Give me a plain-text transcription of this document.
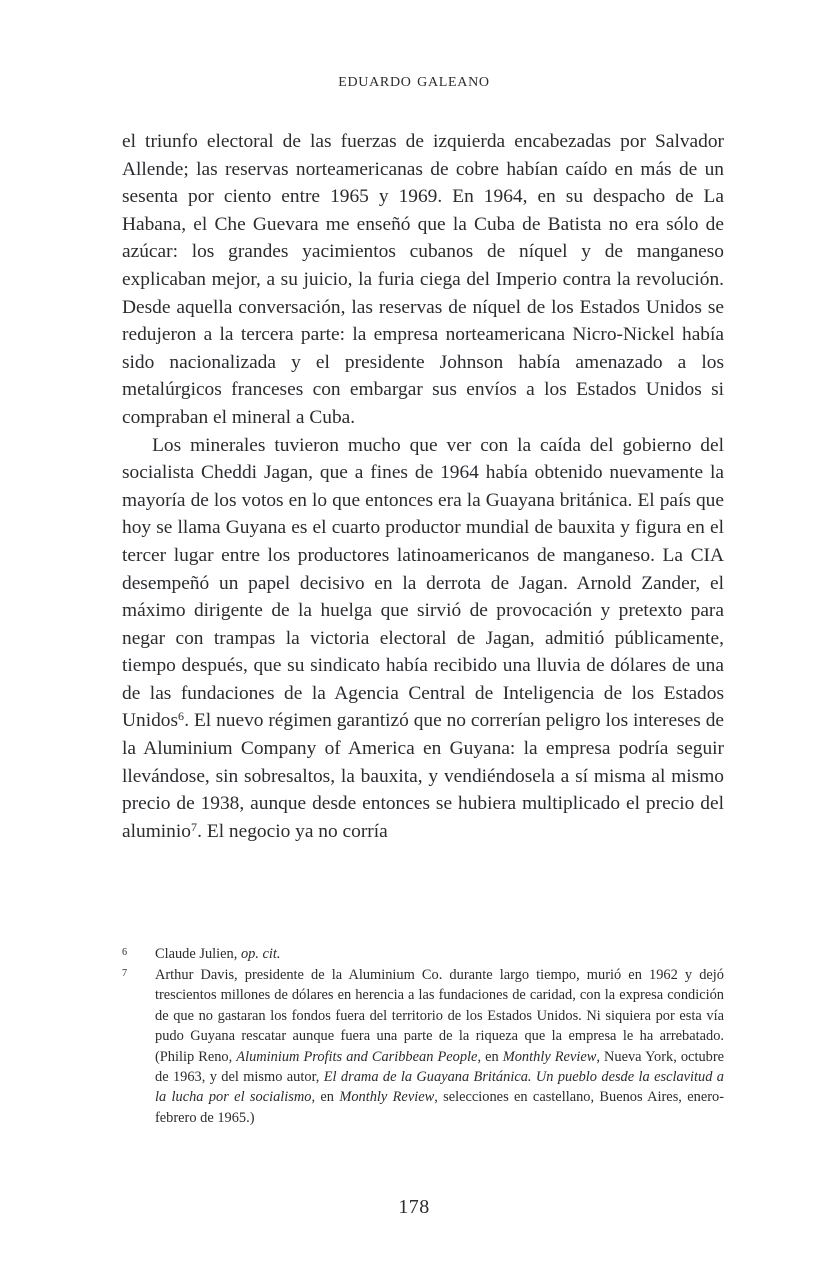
eduardo galeano

el triunfo electoral de las fuerzas de izquierda encabezadas por Salvador Allende; las reservas norteamericanas de cobre habían caído en más de un sesenta por ciento entre 1965 y 1969. En 1964, en su despacho de La Habana, el Che Guevara me enseñó que la Cuba de Batista no era sólo de azúcar: los grandes yacimientos cubanos de níquel y de manganeso explicaban mejor, a su juicio, la furia ciega del Imperio contra la revolución. Desde aquella conversación, las reservas de níquel de los Estados Unidos se redujeron a la tercera parte: la empresa norteamericana Nicro-Nickel había sido nacionalizada y el presidente Johnson había amenazado a los metalúrgicos franceses con embargar sus envíos a los Estados Unidos si compraban el mineral a Cuba.

Los minerales tuvieron mucho que ver con la caída del gobierno del socialista Cheddi Jagan, que a fines de 1964 había obtenido nuevamente la mayoría de los votos en lo que entonces era la Guayana británica. El país que hoy se llama Guyana es el cuarto productor mundial de bauxita y figura en el tercer lugar entre los productores latinoamericanos de manganeso. La CIA desempeñó un papel decisivo en la derrota de Jagan. Arnold Zander, el máximo dirigente de la huelga que sirvió de provocación y pretexto para negar con trampas la victoria electoral de Jagan, admitió públicamente, tiempo después, que su sindicato había recibido una lluvia de dólares de una de las fundaciones de la Agencia Central de Inteligencia de los Estados Unidos$^6$. El nuevo régimen garantizó que no correrían peligro los intereses de la Aluminium Company of America en Guyana: la empresa podría seguir llevándose, sin sobresaltos, la bauxita, y vendiéndosela a sí misma al mismo precio de 1938, aunque desde entonces se hubiera multiplicado el precio del aluminio$^7$. El negocio ya no corría

6	Claude Julien, op. cit.
7	Arthur Davis, presidente de la Aluminium Co. durante largo tiempo, murió en 1962 y dejó trescientos millones de dólares en herencia a las fundaciones de caridad, con la expresa condición de que no gastaran los fondos fuera del territorio de los Estados Unidos. Ni siquiera por esta vía pudo Guyana rescatar aunque fuera una parte de la riqueza que la empresa le ha arrebatado. (Philip Reno, Aluminium Profits and Caribbean People, en Monthly Review, Nueva York, octubre de 1963, y del mismo autor, El drama de la Guayana Británica. Un pueblo desde la esclavitud a la lucha por el socialismo, en Monthly Review, selecciones en castellano, Buenos Aires, enero-febrero de 1965.)
178
